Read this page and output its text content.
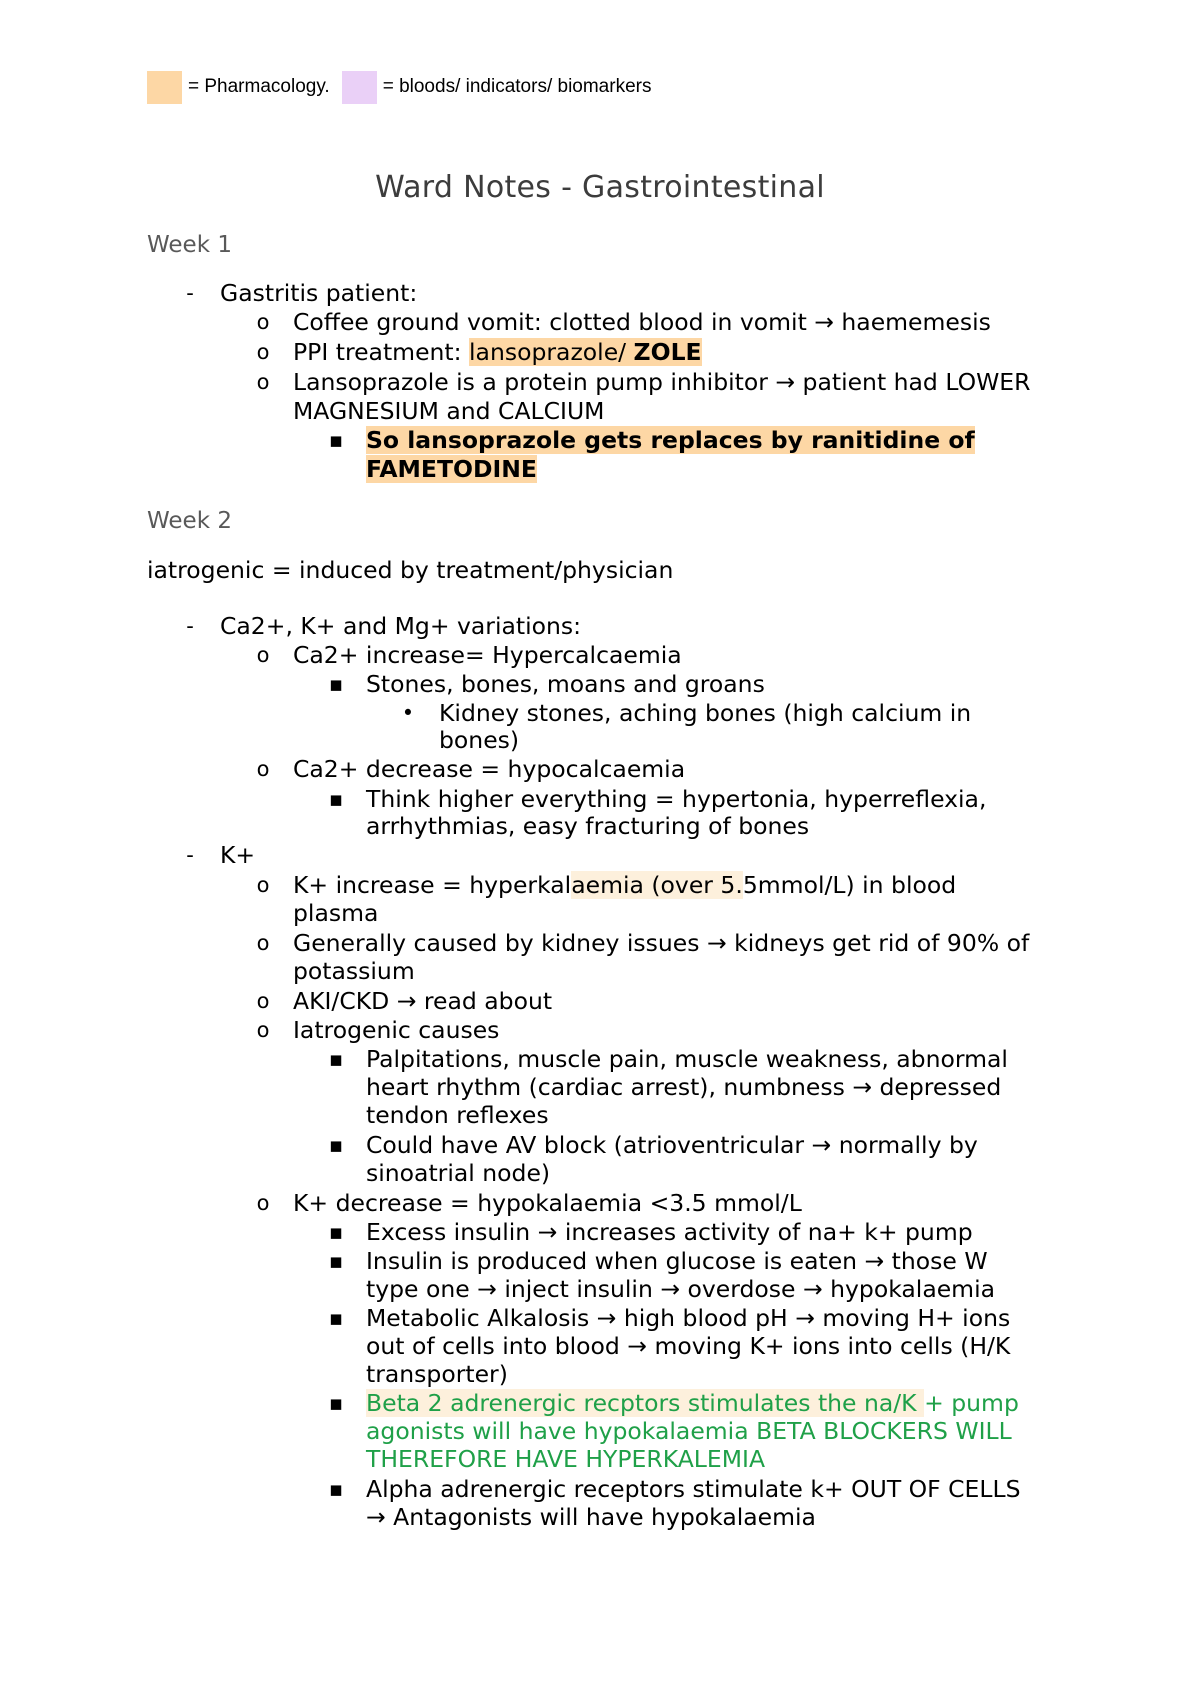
= Pharmacology.	= bloods/ indicators/ biomarkers
Ward Notes - Gastrointestinal
Week 1
- Gastritis patient:
o Coffee ground vomit: clotted blood in vomit → haememesis
o PPI treatment: lansoprazole/ ZOLE
o Lansoprazole is a protein pump inhibitor → patient had LOWER
MAGNESIUM and CALCIUM
▪ So lansoprazole gets replaces by ranitidine of
FAMETODINE
Week 2
iatrogenic = induced by treatment/physician
- Ca2+, K+ and Mg+ variations:
o Ca2+ increase= Hypercalcaemia
▪ Stones, bones, moans and groans
• Kidney stones, aching bones (high calcium in
bones)
o Ca2+ decrease = hypocalcaemia
▪ Think higher everything = hypertonia, hyperreflexia,
arrhythmias, easy fracturing of bones
- K+
o K+ increase = hyperkalaemia (over 5.5mmol/L) in blood
plasma
o Generally caused by kidney issues → kidneys get rid of 90% of
potassium
o AKI/CKD → read about
o Iatrogenic causes
▪ Palpitations, muscle pain, muscle weakness, abnormal
heart rhythm (cardiac arrest), numbness → depressed
tendon reflexes
▪ Could have AV block (atrioventricular → normally by
sinoatrial node)
o K+ decrease = hypokalaemia <3.5 mmol/L
▪ Excess insulin → increases activity of na+ k+ pump
▪ Insulin is produced when glucose is eaten → those W
type one → inject insulin → overdose → hypokalaemia
▪ Metabolic Alkalosis → high blood pH → moving H+ ions
out of cells into blood → moving K+ ions into cells (H/K
transporter)
▪ Beta 2 adrenergic recptors stimulates the na/K + pump
agonists will have hypokalaemia BETA BLOCKERS WILL
THEREFORE HAVE HYPERKALEMIA
▪ Alpha adrenergic receptors stimulate k+ OUT OF CELLS
→ Antagonists will have hypokalaemia
